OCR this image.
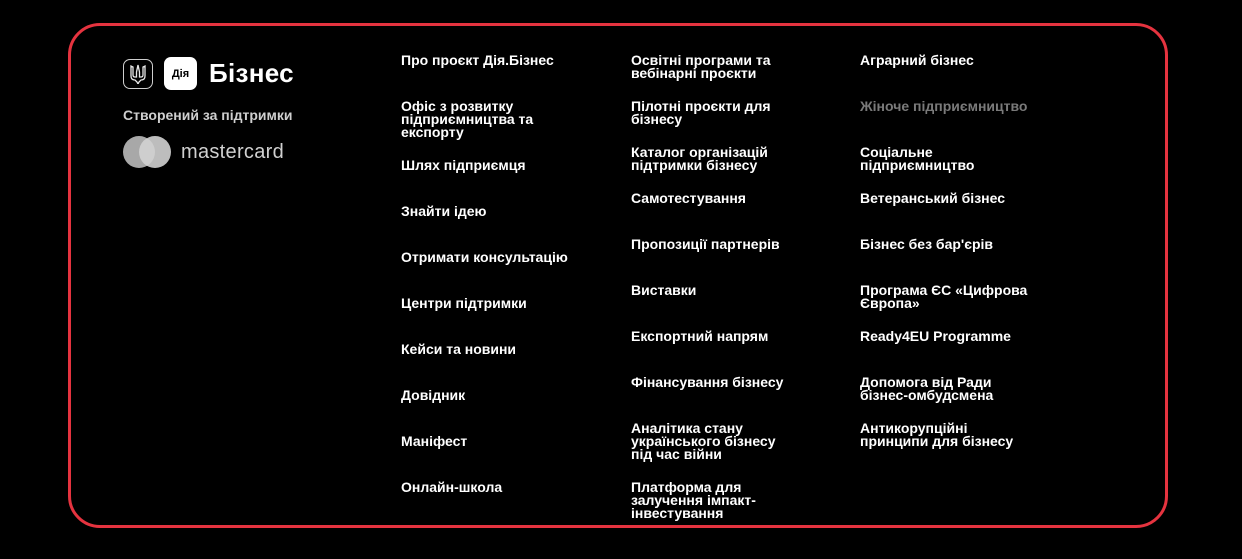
Дія Бізнес
Створений за підтримки
mastercard
Про проєкт Дія.Бізнес
Офіс з розвитку підприємництва та експорту
Шлях підприємця
Знайти ідею
Отримати консультацію
Центри підтримки
Кейси та новини
Довідник
Маніфест
Онлайн-школа
Освітні програми та вебінарні проєкти
Пілотні проєкти для бізнесу
Каталог організацій підтримки бізнесу
Самотестування
Пропозиції партнерів
Виставки
Експортний напрям
Фінансування бізнесу
Аналітика стану українського бізнесу під час війни
Платформа для залучення імпакт-інвестування
Аграрний бізнес
Жіноче підприємництво
Соціальне підприємництво
Ветеранський бізнес
Бізнес без бар'єрів
Програма ЄС «Цифрова Європа»
Ready4EU Programme
Допомога від Ради бізнес-омбудсмена
Антикорупційні принципи для бізнесу
